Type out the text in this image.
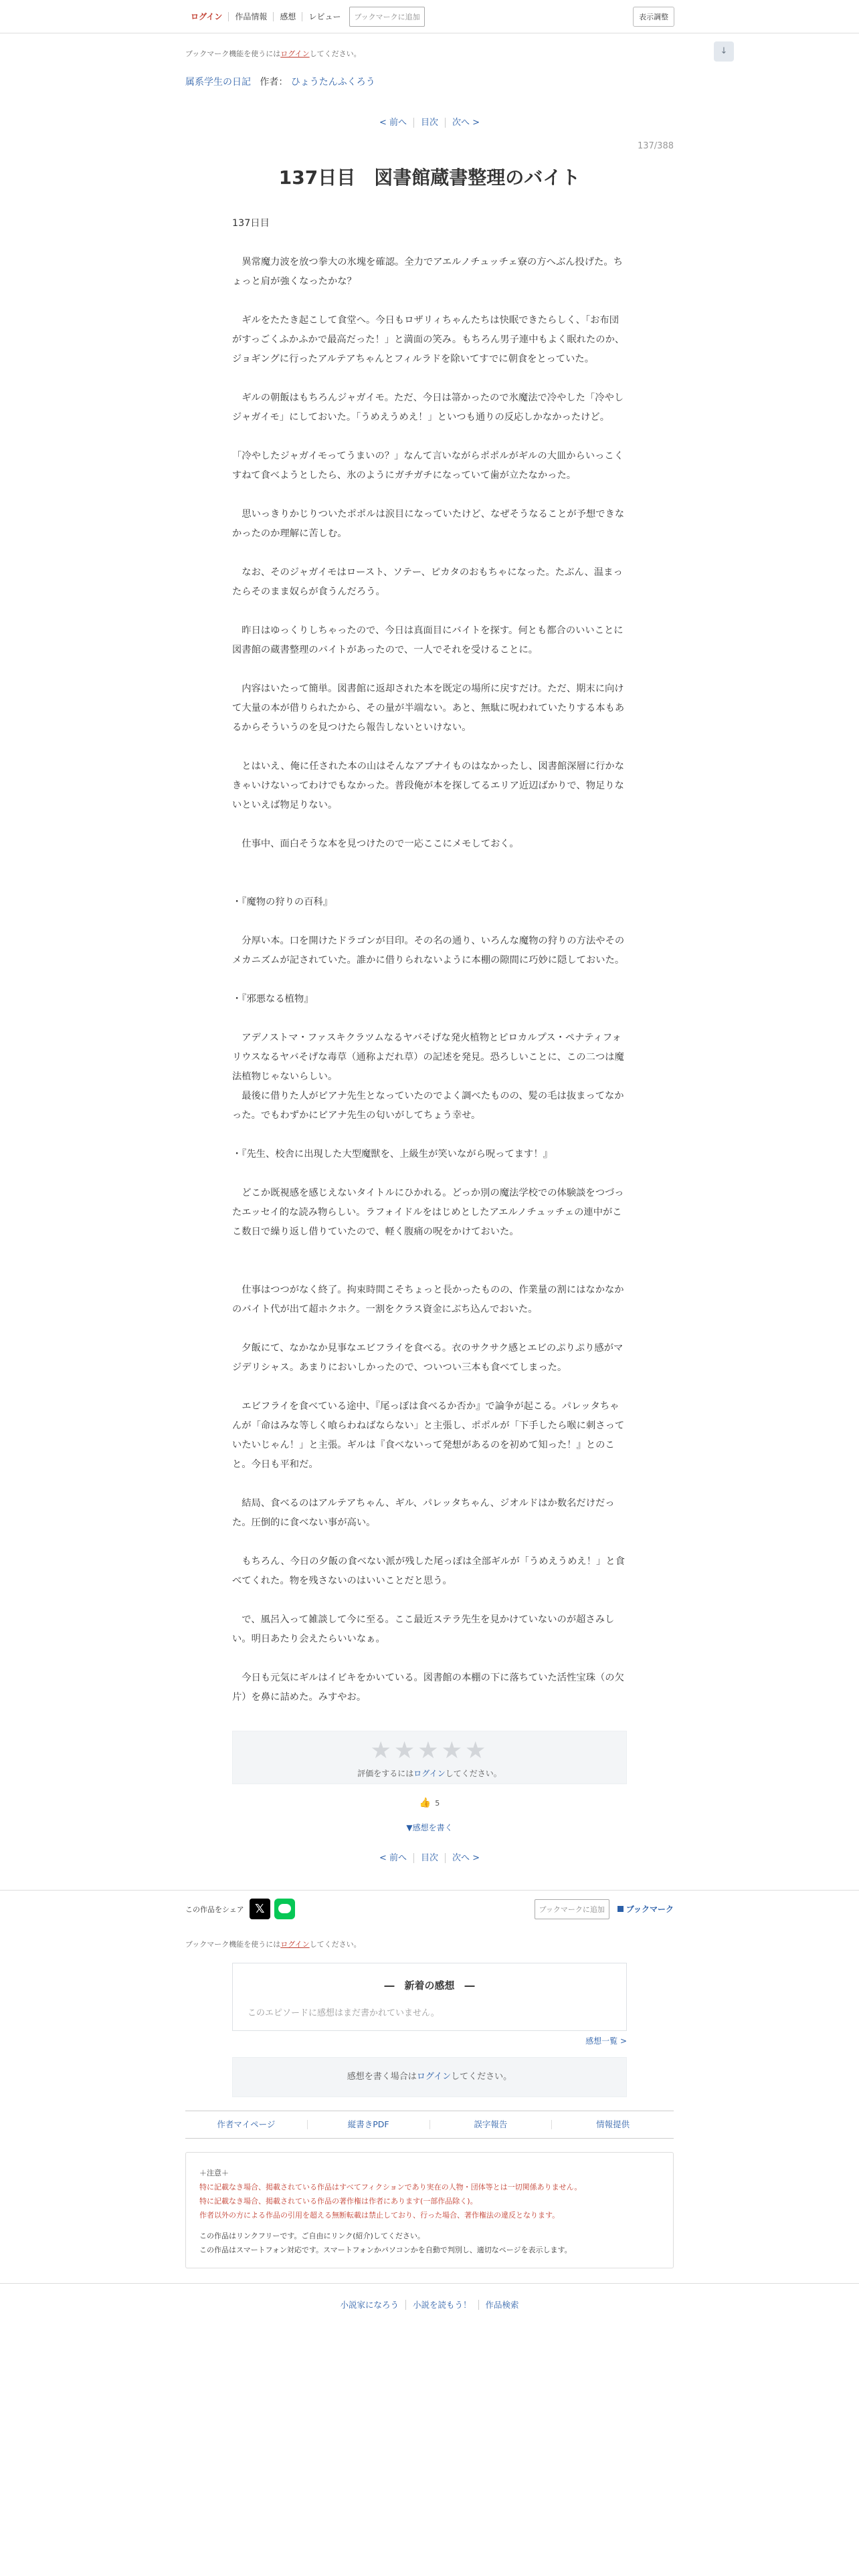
ログイン	作品情報	感想	レビュー	ブックマークに追加	表示調整
↓
ブックマーク機能を使うにはログインしてください。
属系学生の日記 作者： ひょうたんふくろう
< 前へ 目次 次へ >
137/388
137日目　図書館蔵書整理のバイト

137日目

　異常魔力波を放つ拳大の氷塊を確認。全力でアエルノチュッチェ寮の方へぶん投げた。ちょっと肩が強くなったかな？

　ギルをたたき起こして食堂へ。今日もロザリィちゃんたちは快眠できたらしく、「お布団がすっごくふかふかで最高だった！」と満面の笑み。もちろん男子連中もよく眠れたのか、ジョギングに行ったアルテアちゃんとフィルラドを除いてすでに朝食をとっていた。

　ギルの朝飯はもちろんジャガイモ。ただ、今日は箒かったので氷魔法で冷やした「冷やしジャガイモ」にしておいた。「うめえうめえ！」といつも通りの反応しかなかったけど。

「冷やしたジャガイモってうまいの？」なんて言いながらポポルがギルの大皿からいっこくすねて食べようとしたら、氷のようにガチガチになっていて歯が立たなかった。

　思いっきりかじりついたポポルは涙目になっていたけど、なぜそうなることが予想できなかったのか理解に苦しむ。

　なお、そのジャガイモはロースト、ソテー、ピカタのおもちゃになった。たぶん、温まったらそのまま奴らが食うんだろう。

　昨日はゆっくりしちゃったので、今日は真面目にバイトを探す。何とも都合のいいことに図書館の蔵書整理のバイトがあったので、一人でそれを受けることに。

　内容はいたって簡単。図書館に返却された本を既定の場所に戻すだけ。ただ、期末に向けて大量の本が借りられたから、その量が半端ない。あと、無駄に呪われていたりする本もあるからそういうのを見つけたら報告しないといけない。

　とはいえ、俺に任された本の山はそんなアブナイものはなかったし、図書館深層に行かなきゃいけないってわけでもなかった。普段俺が本を探してるエリア近辺ばかりで、物足りないといえば物足りない。

　仕事中、面白そうな本を見つけたので一応ここにメモしておく。

・『魔物の狩りの百科』

　分厚い本。口を開けたドラゴンが目印。その名の通り、いろんな魔物の狩りの方法やそのメカニズムが記されていた。誰かに借りられないように本棚の隙間に巧妙に隠しておいた。

・『邪悪なる植物』

　アデノストマ・ファスキクラツムなるヤバそげな発火植物とピロカルプス・ペナティフォリウスなるヤバそげな毒草（通称よだれ草）の記述を発見。恐ろしいことに、この二つは魔法植物じゃないらしい。

　最後に借りた人がピアナ先生となっていたのでよく調べたものの、髪の毛は抜まってなかった。でもわずかにピアナ先生の匂いがしてちょう幸せ。

・『先生、校舎に出現した大型魔獣を、上級生が笑いながら呪ってます！』

　どこか既視感を感じえないタイトルにひかれる。どっか別の魔法学校での体験談をつづったエッセイ的な読み物らしい。ラフォイドルをはじめとしたアエルノチュッチェの連中がここ数日で繰り返し借りていたので、軽く腹痛の呪をかけておいた。

　仕事はつつがなく終了。拘束時間こそちょっと長かったものの、作業量の割にはなかなかのバイト代が出て超ホクホク。一割をクラス資金にぶち込んでおいた。

　夕飯にて、なかなか見事なエビフライを食べる。衣のサクサク感とエビのぷりぷり感がマジデリシャス。あまりにおいしかったので、ついつい三本も食べてしまった。

　エビフライを食べている途中、『尾っぽは食べるか否か』で論争が起こる。パレッタちゃんが「命はみな等しく喰らわねばならない」と主張し、ポポルが「下手したら喉に刺さっていたいじゃん！」と主張。ギルは『食べないって発想があるのを初めて知った！』とのこと。今日も平和だ。

　結局、食べるのはアルテアちゃん、ギル、パレッタちゃん、ジオルドはか数名だけだった。圧倒的に食べない事が高い。

　もちろん、今日の夕飯の食べない派が残した尾っぽは全部ギルが「うめえうめえ！」と食べてくれた。物を残さないのはいいことだと思う。

　で、風呂入って雑談して今に至る。ここ最近ステラ先生を見かけていないのが超さみしい。明日あたり会えたらいいなぁ。

　今日も元気にギルはイビキをかいている。図書館の本棚の下に落ちていた活性宝珠（の欠片）を鼻に詰めた。みすやお。

★★★★★
評価をするにはログインしてください。
👍 5
▼感想を書く
< 前へ 目次 次へ >
この作品をシェア 𝕏	ブックマークに追加	ブックマーク
ブックマーク機能を使うにはログインしてください。
―　新着の感想　―
このエピソードに感想はまだ書かれていません。
感想一覧 >
感想を書く場合はログインしてください。
作者マイページ	縦書きPDF	誤字報告	情報提供

＋注意＋

特に記載なき場合、掲載されている作品はすべてフィクションであり実在の人物・団体等とは一切関係ありません。

特に記載なき場合、掲載されている作品の著作権は作者にあります(一部作品除く)。

作者以外の方による作品の引用を超える無断転載は禁止しており、行った場合、著作権法の違反となります。

この作品はリンクフリーです。ご自由にリンク(紹介)してください。

この作品はスマートフォン対応です。スマートフォンかパソコンかを自動で判別し、適切なページを表示します。

小説家になろう 小説を読もう！ 作品検索
